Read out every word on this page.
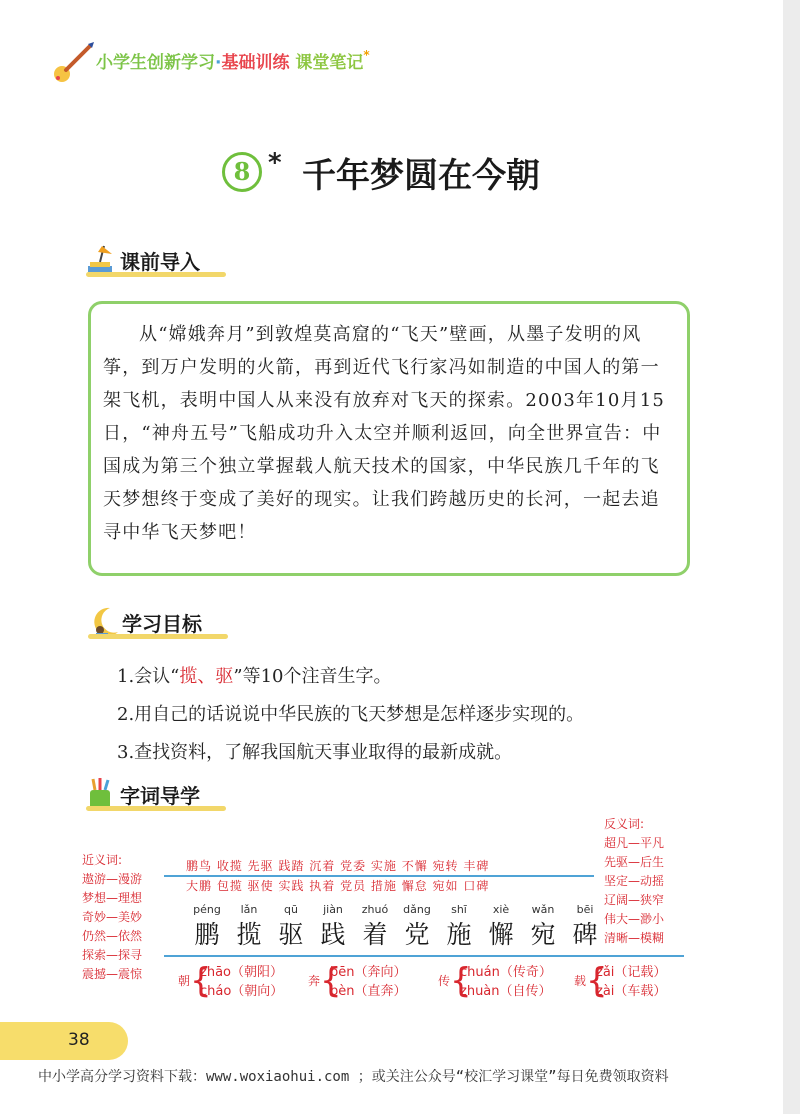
小学生创新学习·基础训练 课堂笔记*
8 * 千年梦圆在今朝
课前导入
从“嫦娥奔月”到敦煌莫高窟的“飞天”壁画，从墨子发明的风筝，到万户发明的火箭，再到近代飞行家冯如制造的中国人的第一架飞机，表明中国人从来没有放弃对飞天的探索。2003年10月15日，“神舟五号”飞船成功升入太空并顺利返回，向全世界宣告：中国成为第三个独立掌握载人航天技术的国家，中华民族几千年的飞天梦想终于变成了美好的现实。让我们跨越历史的长河，一起去追寻中华飞天梦吧！
学习目标
1.会认“揽、驱”等10个注音生字。
2.用自己的话说说中华民族的飞天梦想是怎样逐步实现的。
3.查找资料，了解我国航天事业取得的最新成就。
字词导学
近义词:
遨游—漫游
梦想—理想
奇妙—美妙
仍然—依然
探索—探寻
震撼—震惊
鹏鸟 收揽 先驱 践踏 沉着 党委 实施 不懈 宛转 丰碑
大鹏 包揽 驱使 实践 执着 党员 措施 懈怠 宛如 口碑
péng	lǎn	qū	jiàn	zhuó	dǎng	shī	xiè	wǎn	bēi
鹏 揽 驱 践 着 党 施 懈 宛 碑
朝 {
zhāo（朝阳）
cháo（朝向）
奔 {
bēn（奔向）
bèn（直奔）
传 {
chuán（传奇）
zhuàn（自传）
载 {
zǎi（记载）
zài（车载）
反义词:
超凡—平凡
先驱—后生
坚定—动摇
辽阔—狭窄
伟大—渺小
清晰—模糊
38
中小学高分学习资料下载：www.woxiaohui.com ；或关注公众号“校汇学习课堂”每日免费领取资料
